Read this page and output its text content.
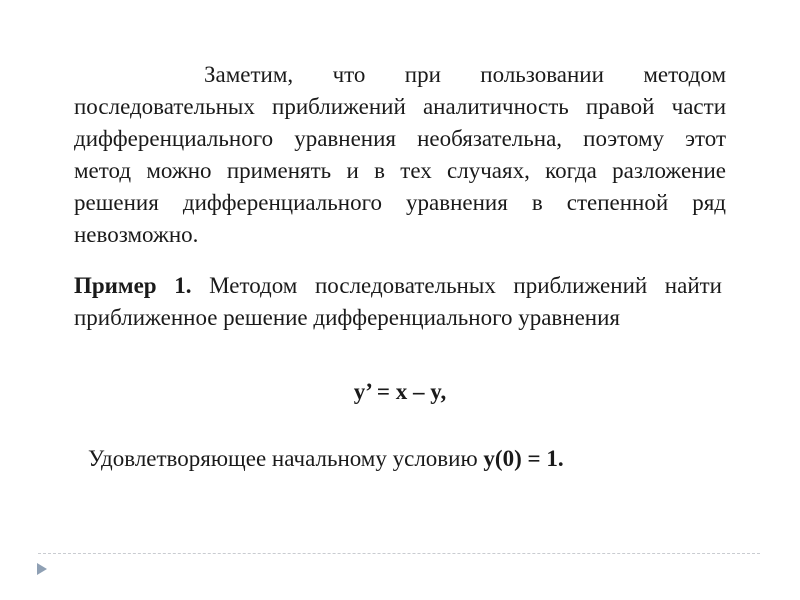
Заметим, что при пользовании методом последовательных приближений аналитичность правой части дифференциального уравнения необязательна, поэтому этот метод можно применять и в тех случаях, когда разложение решения дифференциального уравнения в степенной ряд невозможно.
Пример 1. Методом последовательных приближений найти приближенное решение дифференциального уравнения
y’ = x – y,
Удовлетворяющее начальному условию y(0) = 1.
